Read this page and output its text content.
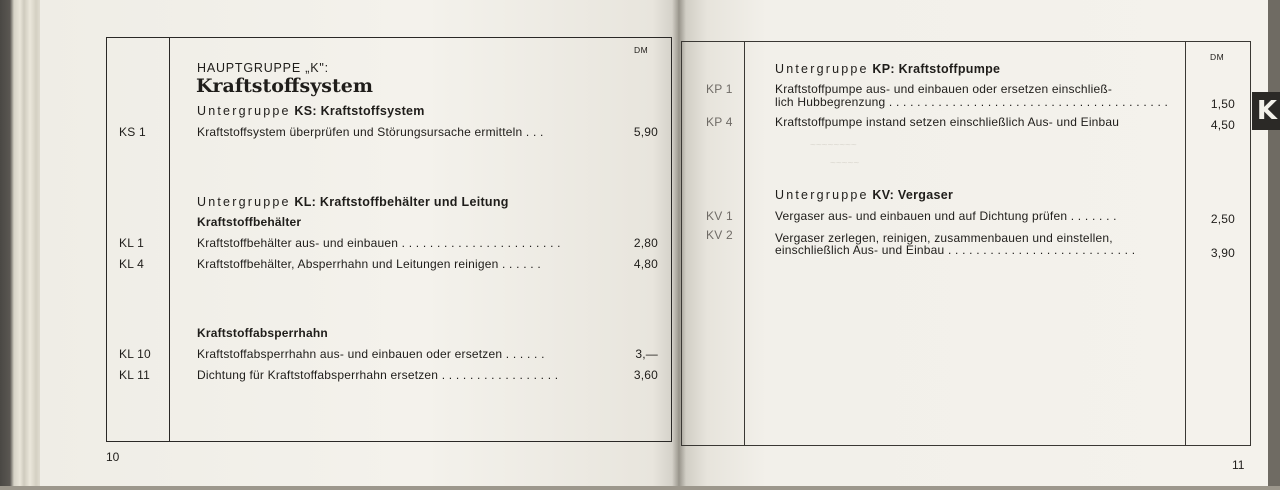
DM
HAUPTGRUPPE „K":
Kraftstoffsystem
Untergruppe KS: Kraftstoffsystem
KS 1	Kraftstoffsystem überprüfen und Störungsursache ermitteln . . .	5,90
Untergruppe KL: Kraftstoffbehälter und Leitung
Kraftstoffbehälter
KL 1	Kraftstoffbehälter aus- und einbauen . . . . . . . . . . . . . . . . . . . . . . .	2,80
KL 4	Kraftstoffbehälter, Absperrhahn und Leitungen reinigen . . . . . .	4,80
Kraftstoffabsperrhahn
KL 10	Kraftstoffabsperrhahn aus- und einbauen oder ersetzen . . . . . .	3,—
KL 11	Dichtung für Kraftstoffabsperrhahn ersetzen . . . . . . . . . . . . . . . . .	3,60
10
DM
Untergruppe KP: Kraftstoffpumpe
KP 1	Kraftstoffpumpe aus- und einbauen oder ersetzen einschließ-
lich Hubbegrenzung . . . . . . . . . . . . . . . . . . . . . . . . . . . . . . . . . . . . . . . .	1,50
KP 4	Kraftstoffpumpe instand setzen einschließlich Aus- und Einbau	4,50
~~~~~~~~
~~~~~
Untergruppe KV: Vergaser
KV 1	Vergaser aus- und einbauen und auf Dichtung prüfen . . . . . . .	2,50
KV 2	Vergaser zerlegen, reinigen, zusammenbauen und einstellen,
einschließlich Aus- und Einbau . . . . . . . . . . . . . . . . . . . . . . . . . . .	3,90
K
11
